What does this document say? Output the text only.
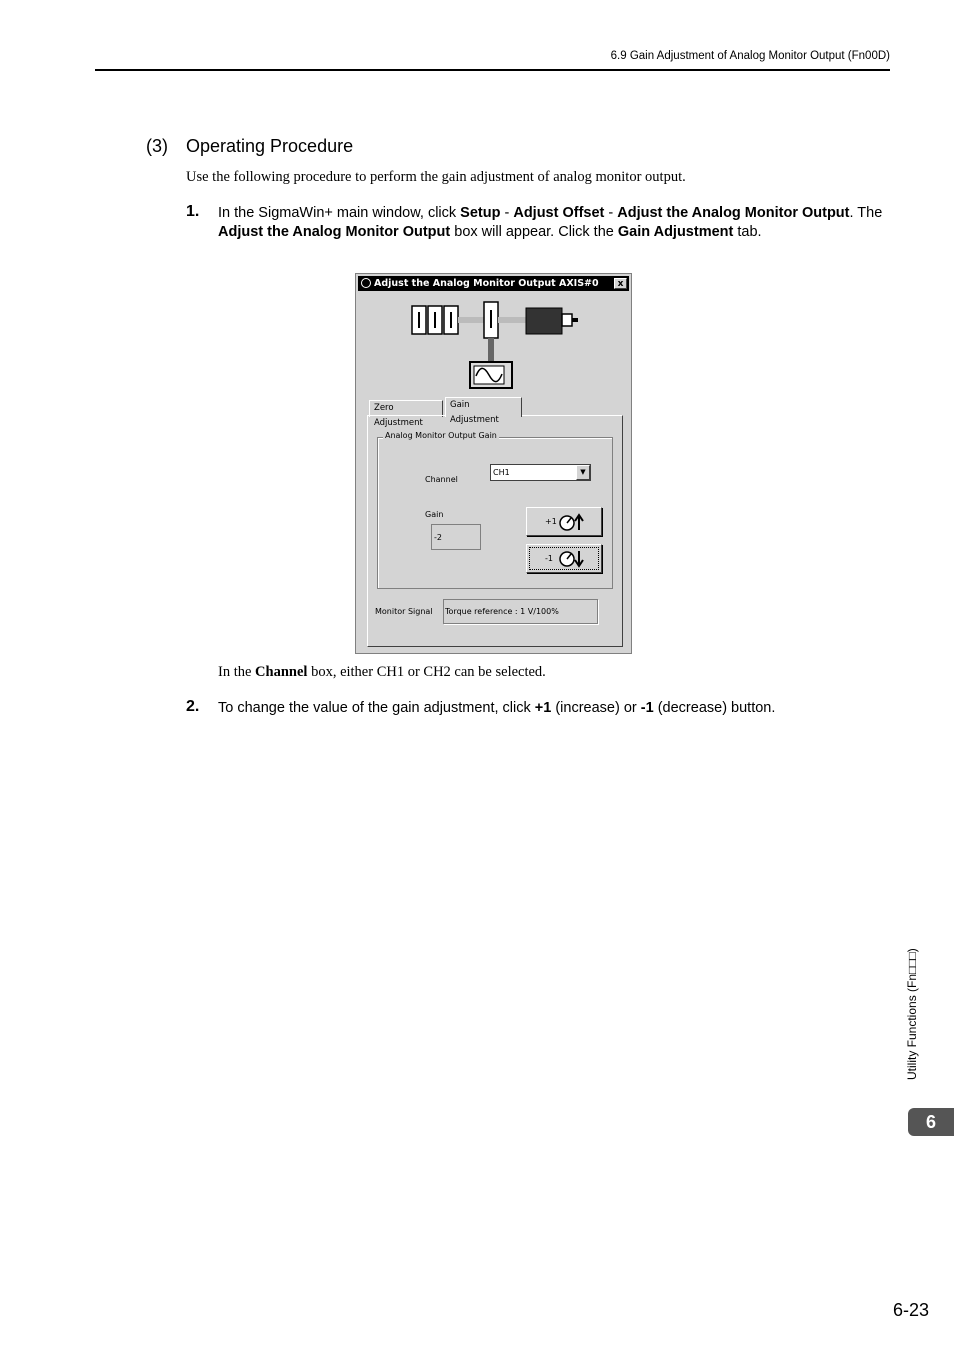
6.9 Gain Adjustment of Analog Monitor Output (Fn00D)
(3) Operating Procedure
Use the following procedure to perform the gain adjustment of analog monitor output.
1. In the SigmaWin+ main window, click Setup - Adjust Offset - Adjust the Analog Monitor Output. The Adjust the Analog Monitor Output box will appear. Click the Gain Adjustment tab.
Adjust the Analog Monitor Output AXIS#0	x
Zero Adjustment
Gain Adjustment
Analog Monitor Output Gain
Channel
CH1	▼
Gain
-2
+1
-1
Monitor Signal Torque reference : 1 V/100%
In the Channel box, either CH1 or CH2 can be selected.
2. To change the value of the gain adjustment, click +1 (increase) or -1 (decrease) button.
Utility Functions (Fn□□□)
6
6-23
